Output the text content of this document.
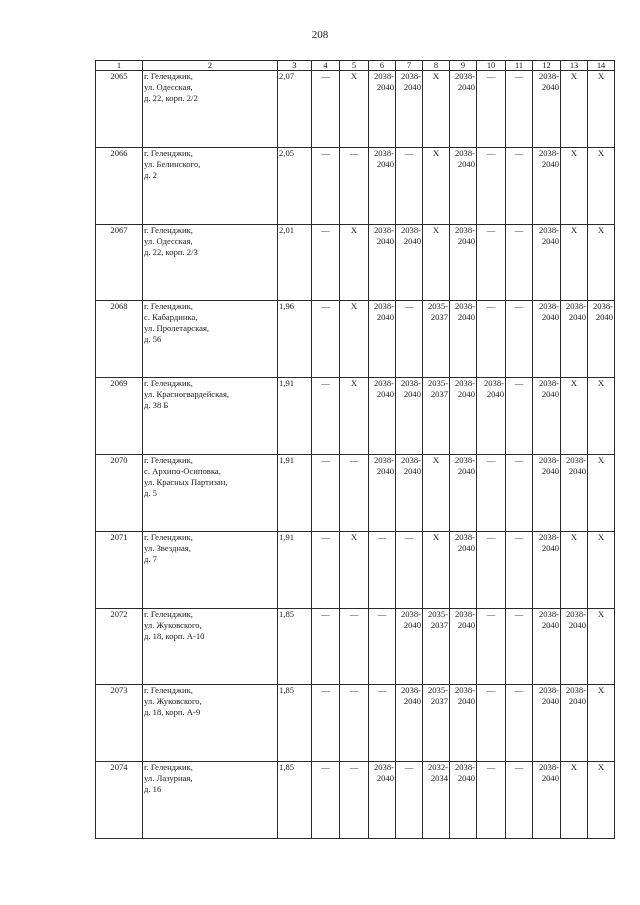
208
1	2	3	4	5	6	7	8	9	10	11	12	13	14
2065	г. Геленджик,
ул. Одесская,
д. 22, корп. 2/2	2,07	—	X	2038-
2040	2038-
2040	X	2038-
2040	—	—	2038-
2040	X	X
2066	г. Геленджик,
ул. Белинского,
д. 2	2,05	—	—	2038-
2040	—	X	2038-
2040	—	—	2038-
2040	X	X
2067	г. Геленджик,
ул. Одесская,
д. 22, корп. 2/3	2,01	—	X	2038-
2040	2038-
2040	X	2038-
2040	—	—	2038-
2040	X	X
2068	г. Геленджик,
с. Кабардинка,
ул. Пролетарская,
д. 56	1,96	—	X	2038-
2040	—	2035-
2037	2038-
2040	—	—	2038-
2040	2038-
2040	2038-
2040
2069	г. Геленджик,
ул. Красногвардейская,
д. 38 Б	1,91	—	X	2038-
2040	2038-
2040	2035-
2037	2038-
2040	2038-
2040	—	2038-
2040	X	X
2070	г. Геленджик,
с. Архипо-Осиповка,
ул. Красных Партизан,
д. 5	1,91	—	—	2038-
2040	2038-
2040	X	2038-
2040	—	—	2038-
2040	2038-
2040	X
2071	г. Геленджик,
ул. Звездная,
д. 7	1,91	—	X	—	—	X	2038-
2040	—	—	2038-
2040	X	X
2072	г. Геленджик,
ул. Жуковского,
д. 18, корп. А-10	1,85	—	—	—	2038-
2040	2035-
2037	2038-
2040	—	—	2038-
2040	2038-
2040	X
2073	г. Геленджик,
ул. Жуковского,
д. 18, корп. А-9	1,85	—	—	—	2038-
2040	2035-
2037	2038-
2040	—	—	2038-
2040	2038-
2040	X
2074	г. Геленджик,
ул. Лазурная,
д. 16	1,85	—	—	2038-
2040	—	2032-
2034	2038-
2040	—	—	2038-
2040	X	X
